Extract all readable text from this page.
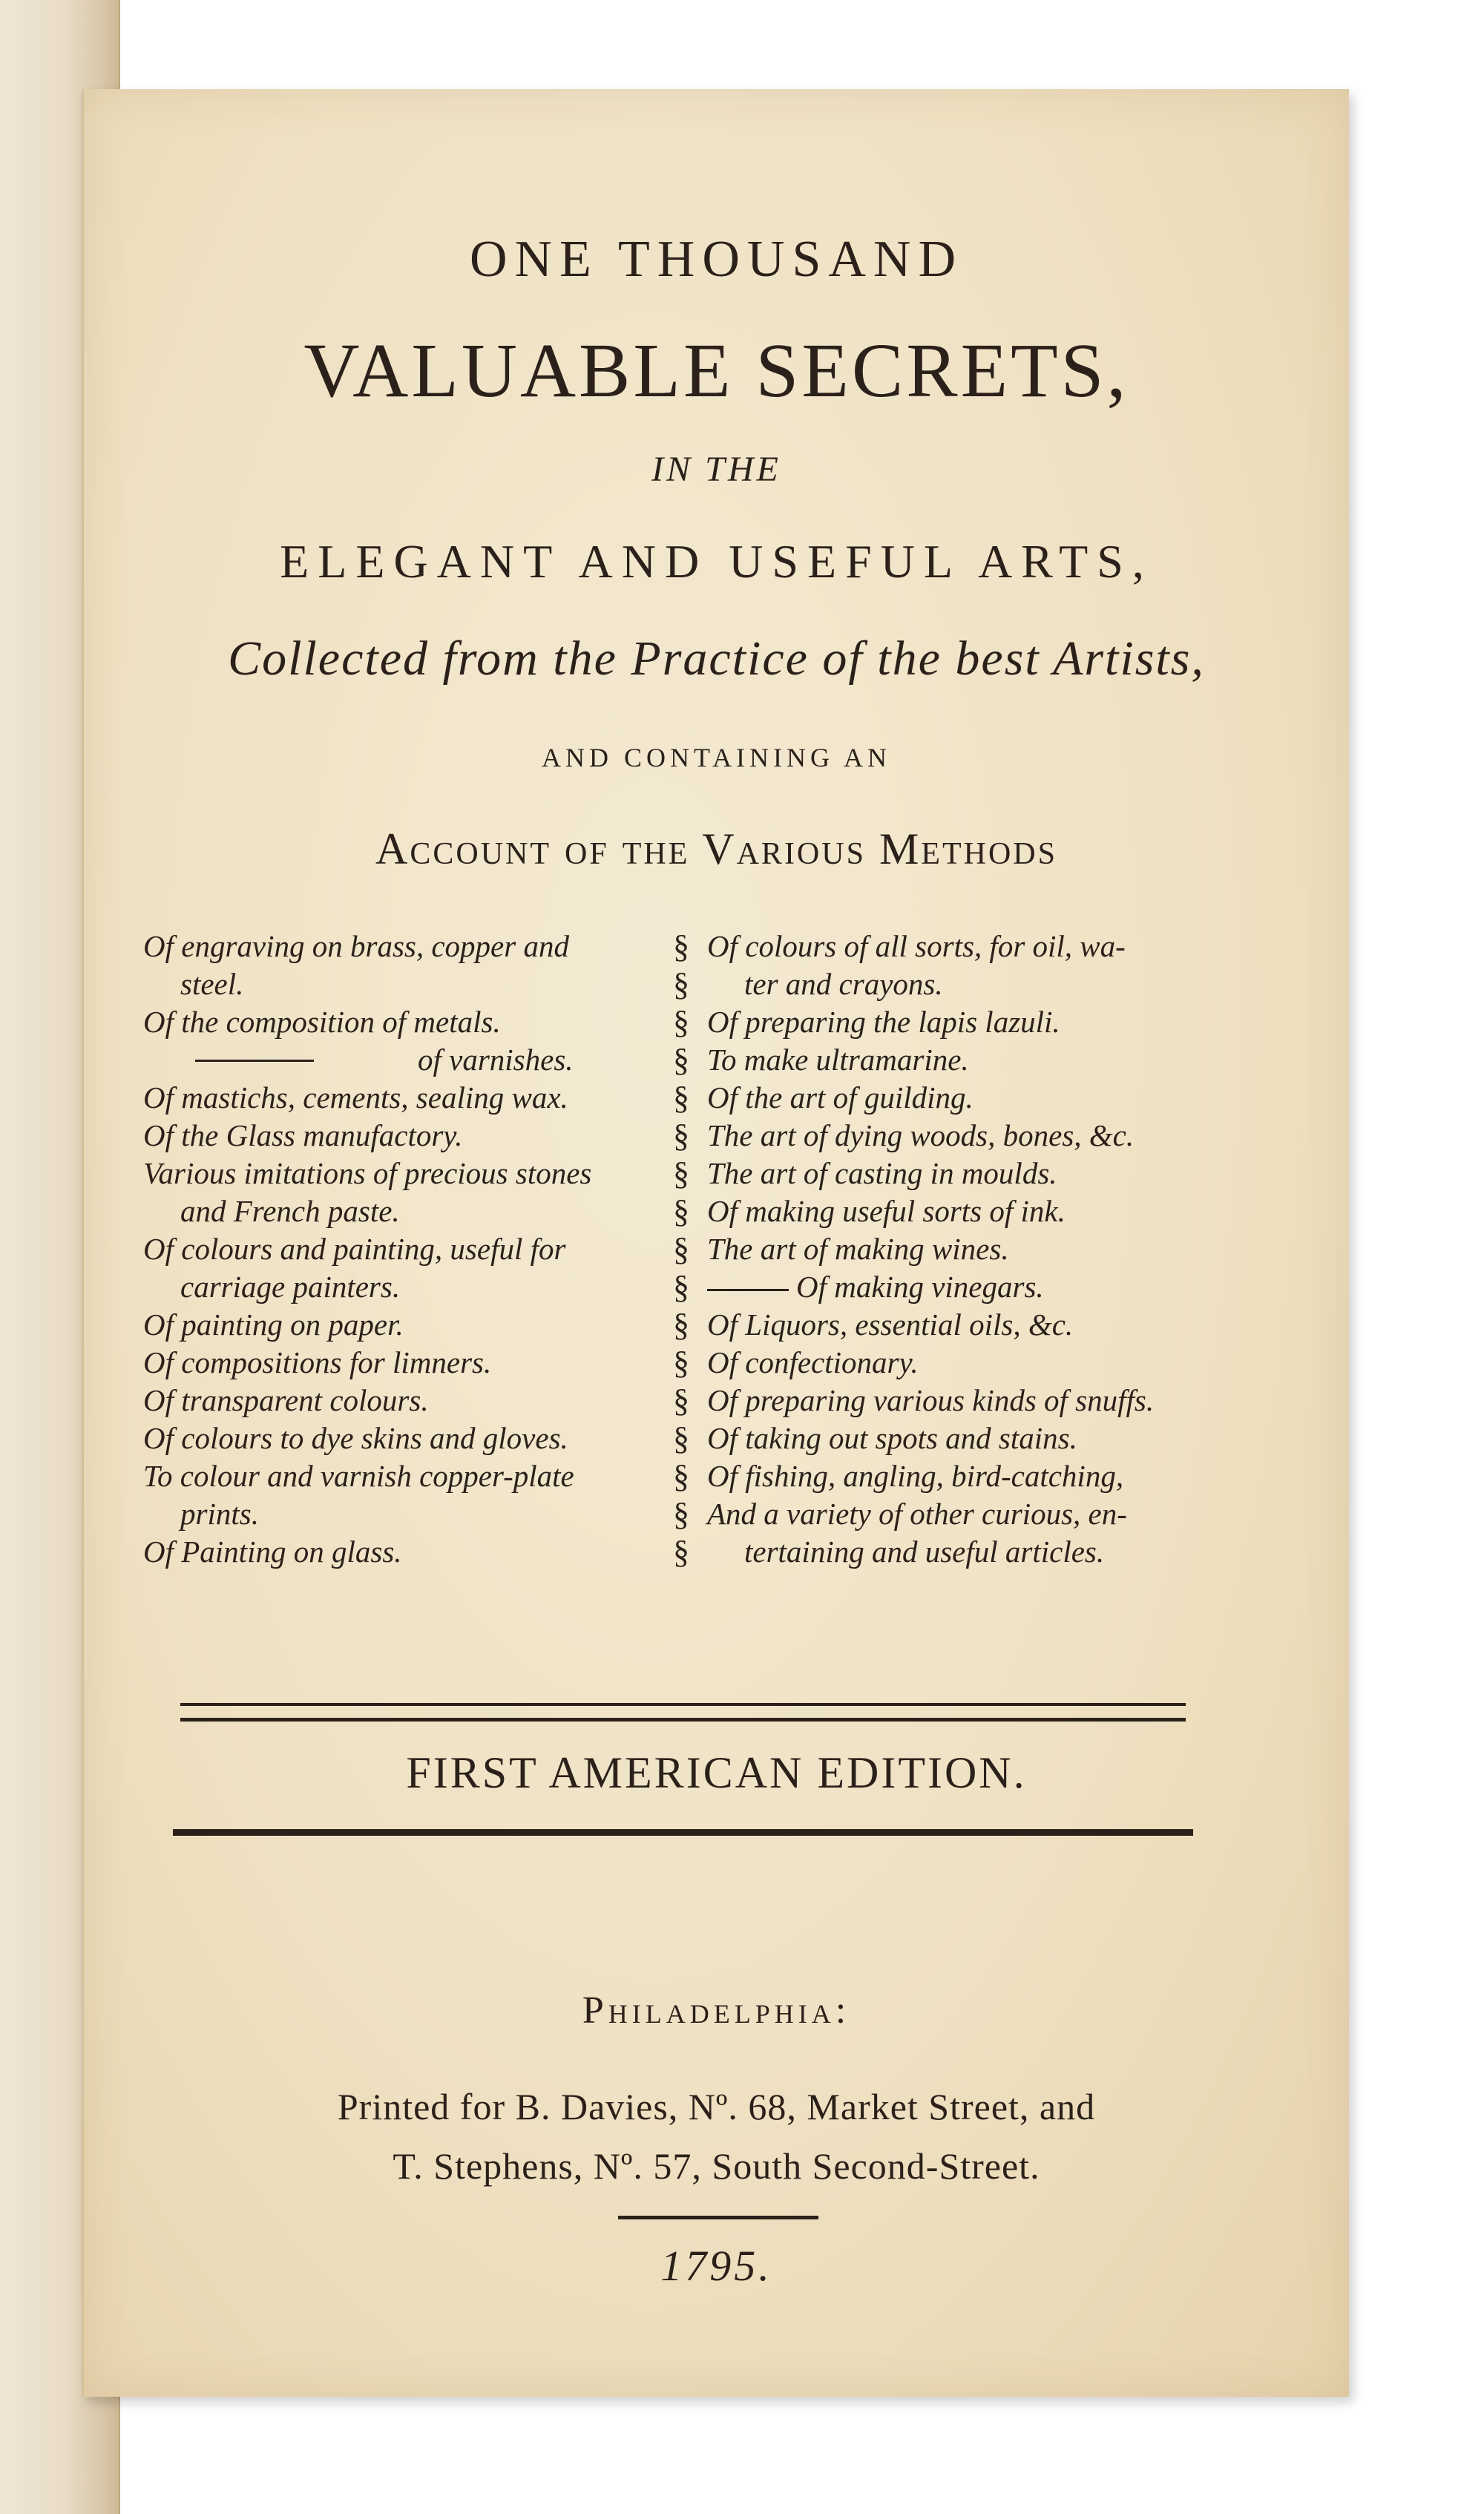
ONE THOUSAND
VALUABLE SECRETS,
IN THE
ELEGANT AND USEFUL ARTS,
Collected from the Practice of the best Artists,
AND CONTAINING AN
Account of the Various Methods
Of engraving on brass, copper and
steel.
Of the composition of metals.
of varnishes.
Of mastichs, cements, sealing wax.
Of the Glass manufactory.
Various imitations of precious stones
and French paste.
Of colours and painting, useful for
carriage painters.
Of painting on paper.
Of compositions for limners.
Of transparent colours.
Of colours to dye skins and gloves.
To colour and varnish copper-plate
prints.
Of Painting on glass.
§
§
§
§
§
§
§
§
§
§
§
§
§
§
§
§
§
Of colours of all sorts, for oil, wa-
ter and crayons.
Of preparing the lapis lazuli.
To make ultramarine.
Of the art of guilding.
The art of dying woods, bones, &c.
The art of casting in moulds.
Of making useful sorts of ink.
The art of making wines.
Of making vinegars.
Of Liquors, essential oils, &c.
Of confectionary.
Of preparing various kinds of snuffs.
Of taking out spots and stains.
Of fishing, angling, bird-catching,
And a variety of other curious, en-
tertaining and useful articles.
FIRST AMERICAN EDITION.
Philadelphia:
Printed for B. Davies, Nº. 68, Market Street, and
T. Stephens, Nº. 57, South Second-Street.
1795.
